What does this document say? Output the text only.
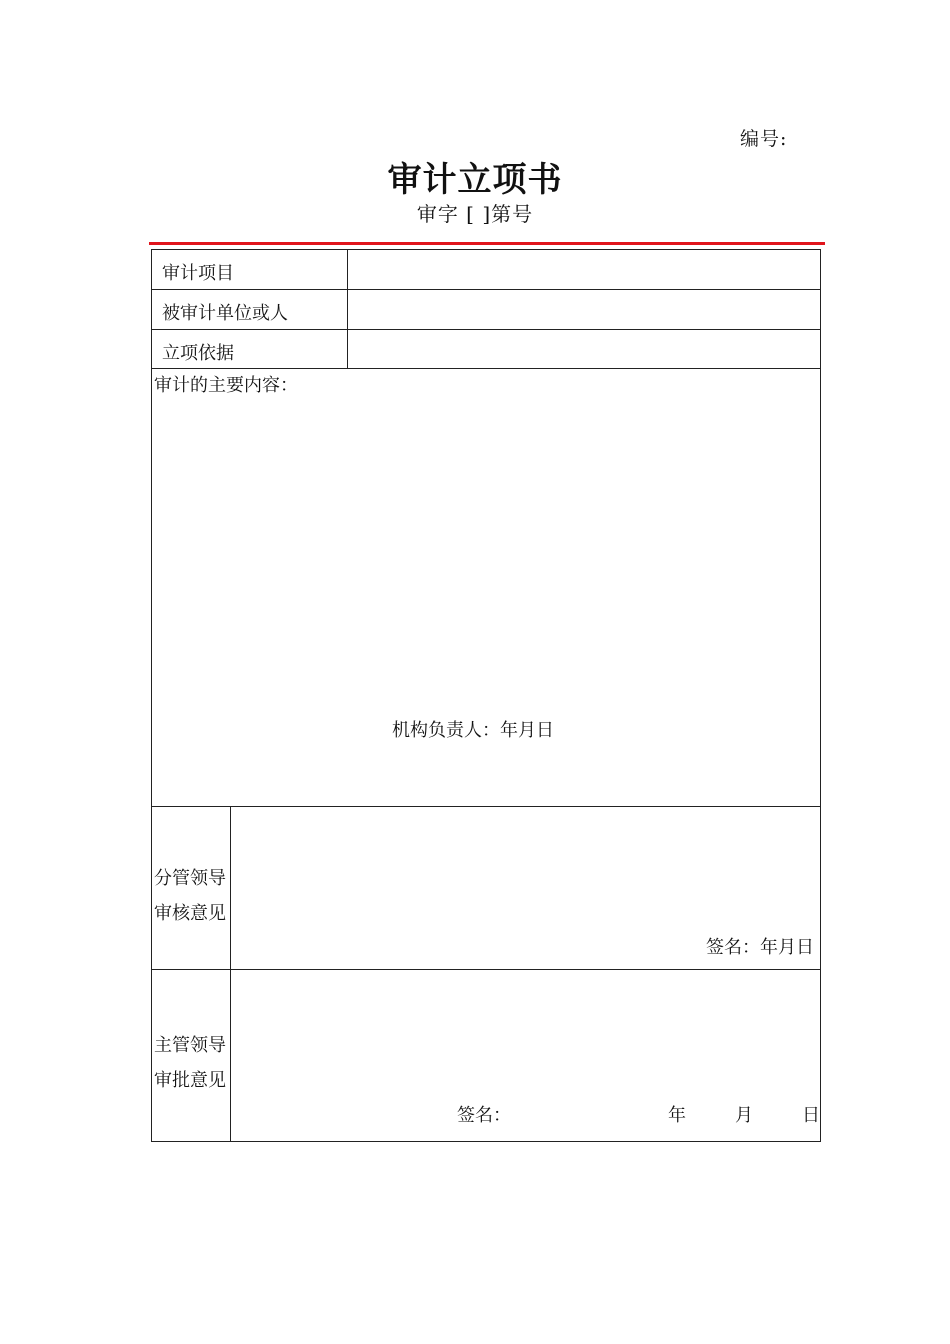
编号:
审计立项书
审字 [ ]第号
审计项目
被审计单位或人
立项依据
审计的主要内容：
机构负责人：年月日
分管领导
审核意见
签名：年月日
主管领导
审批意见
签名：	年	月	日
